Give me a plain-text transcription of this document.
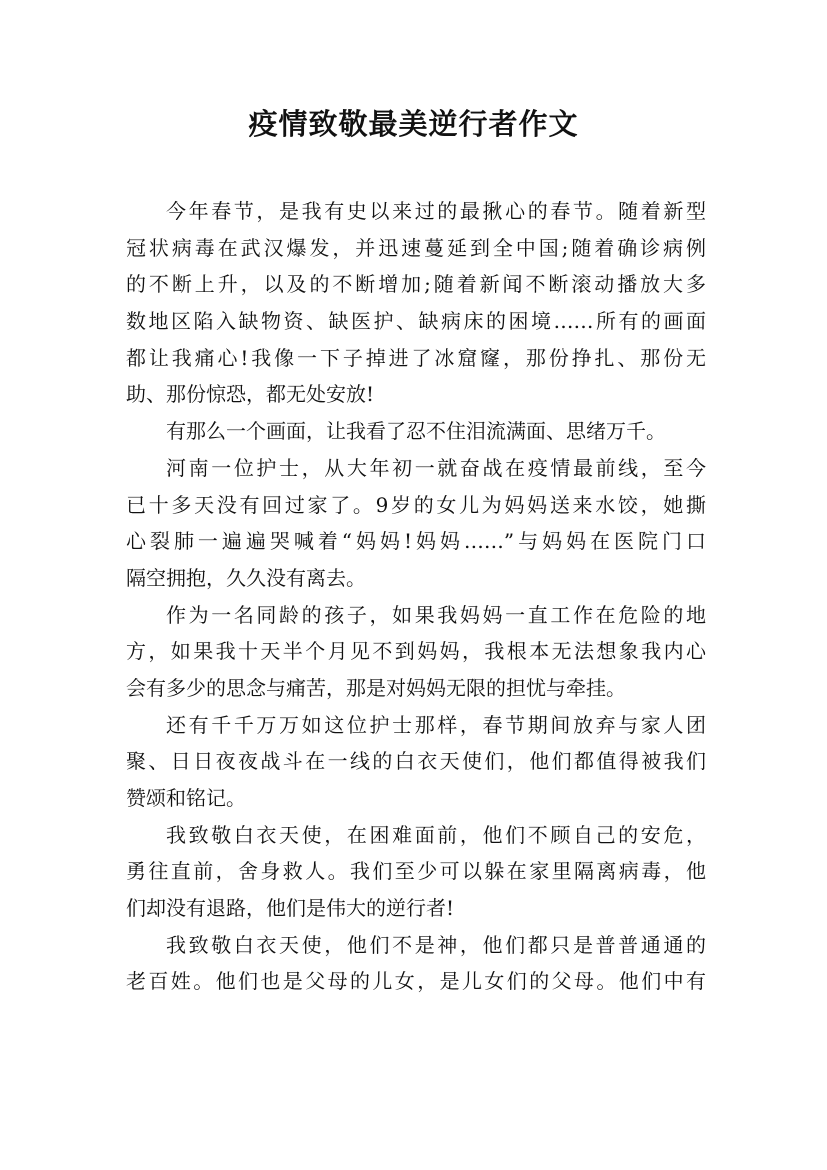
疫情致敬最美逆行者作文
今年春节，是我有史以来过的最揪心的春节。随着新型
冠状病毒在武汉爆发，并迅速蔓延到全中国;随着确诊病例
的不断上升，以及的不断增加;随着新闻不断滚动播放大多
数地区陷入缺物资、缺医护、缺病床的困境……所有的画面
都让我痛心!我像一下子掉进了冰窟窿，那份挣扎、那份无
助、那份惊恐，都无处安放!
有那么一个画面，让我看了忍不住泪流满面、思绪万千。
河南一位护士，从大年初一就奋战在疫情最前线，至今
已十多天没有回过家了。9岁的女儿为妈妈送来水饺，她撕
心裂肺一遍遍哭喊着“妈妈!妈妈……”与妈妈在医院门口
隔空拥抱，久久没有离去。
作为一名同龄的孩子，如果我妈妈一直工作在危险的地
方，如果我十天半个月见不到妈妈，我根本无法想象我内心
会有多少的思念与痛苦，那是对妈妈无限的担忧与牵挂。
还有千千万万如这位护士那样，春节期间放弃与家人团
聚、日日夜夜战斗在一线的白衣天使们，他们都值得被我们
赞颂和铭记。
我致敬白衣天使，在困难面前，他们不顾自己的安危，
勇往直前，舍身救人。我们至少可以躲在家里隔离病毒，他
们却没有退路，他们是伟大的逆行者!
我致敬白衣天使，他们不是神，他们都只是普普通通的
老百姓。他们也是父母的儿女，是儿女们的父母。他们中有
